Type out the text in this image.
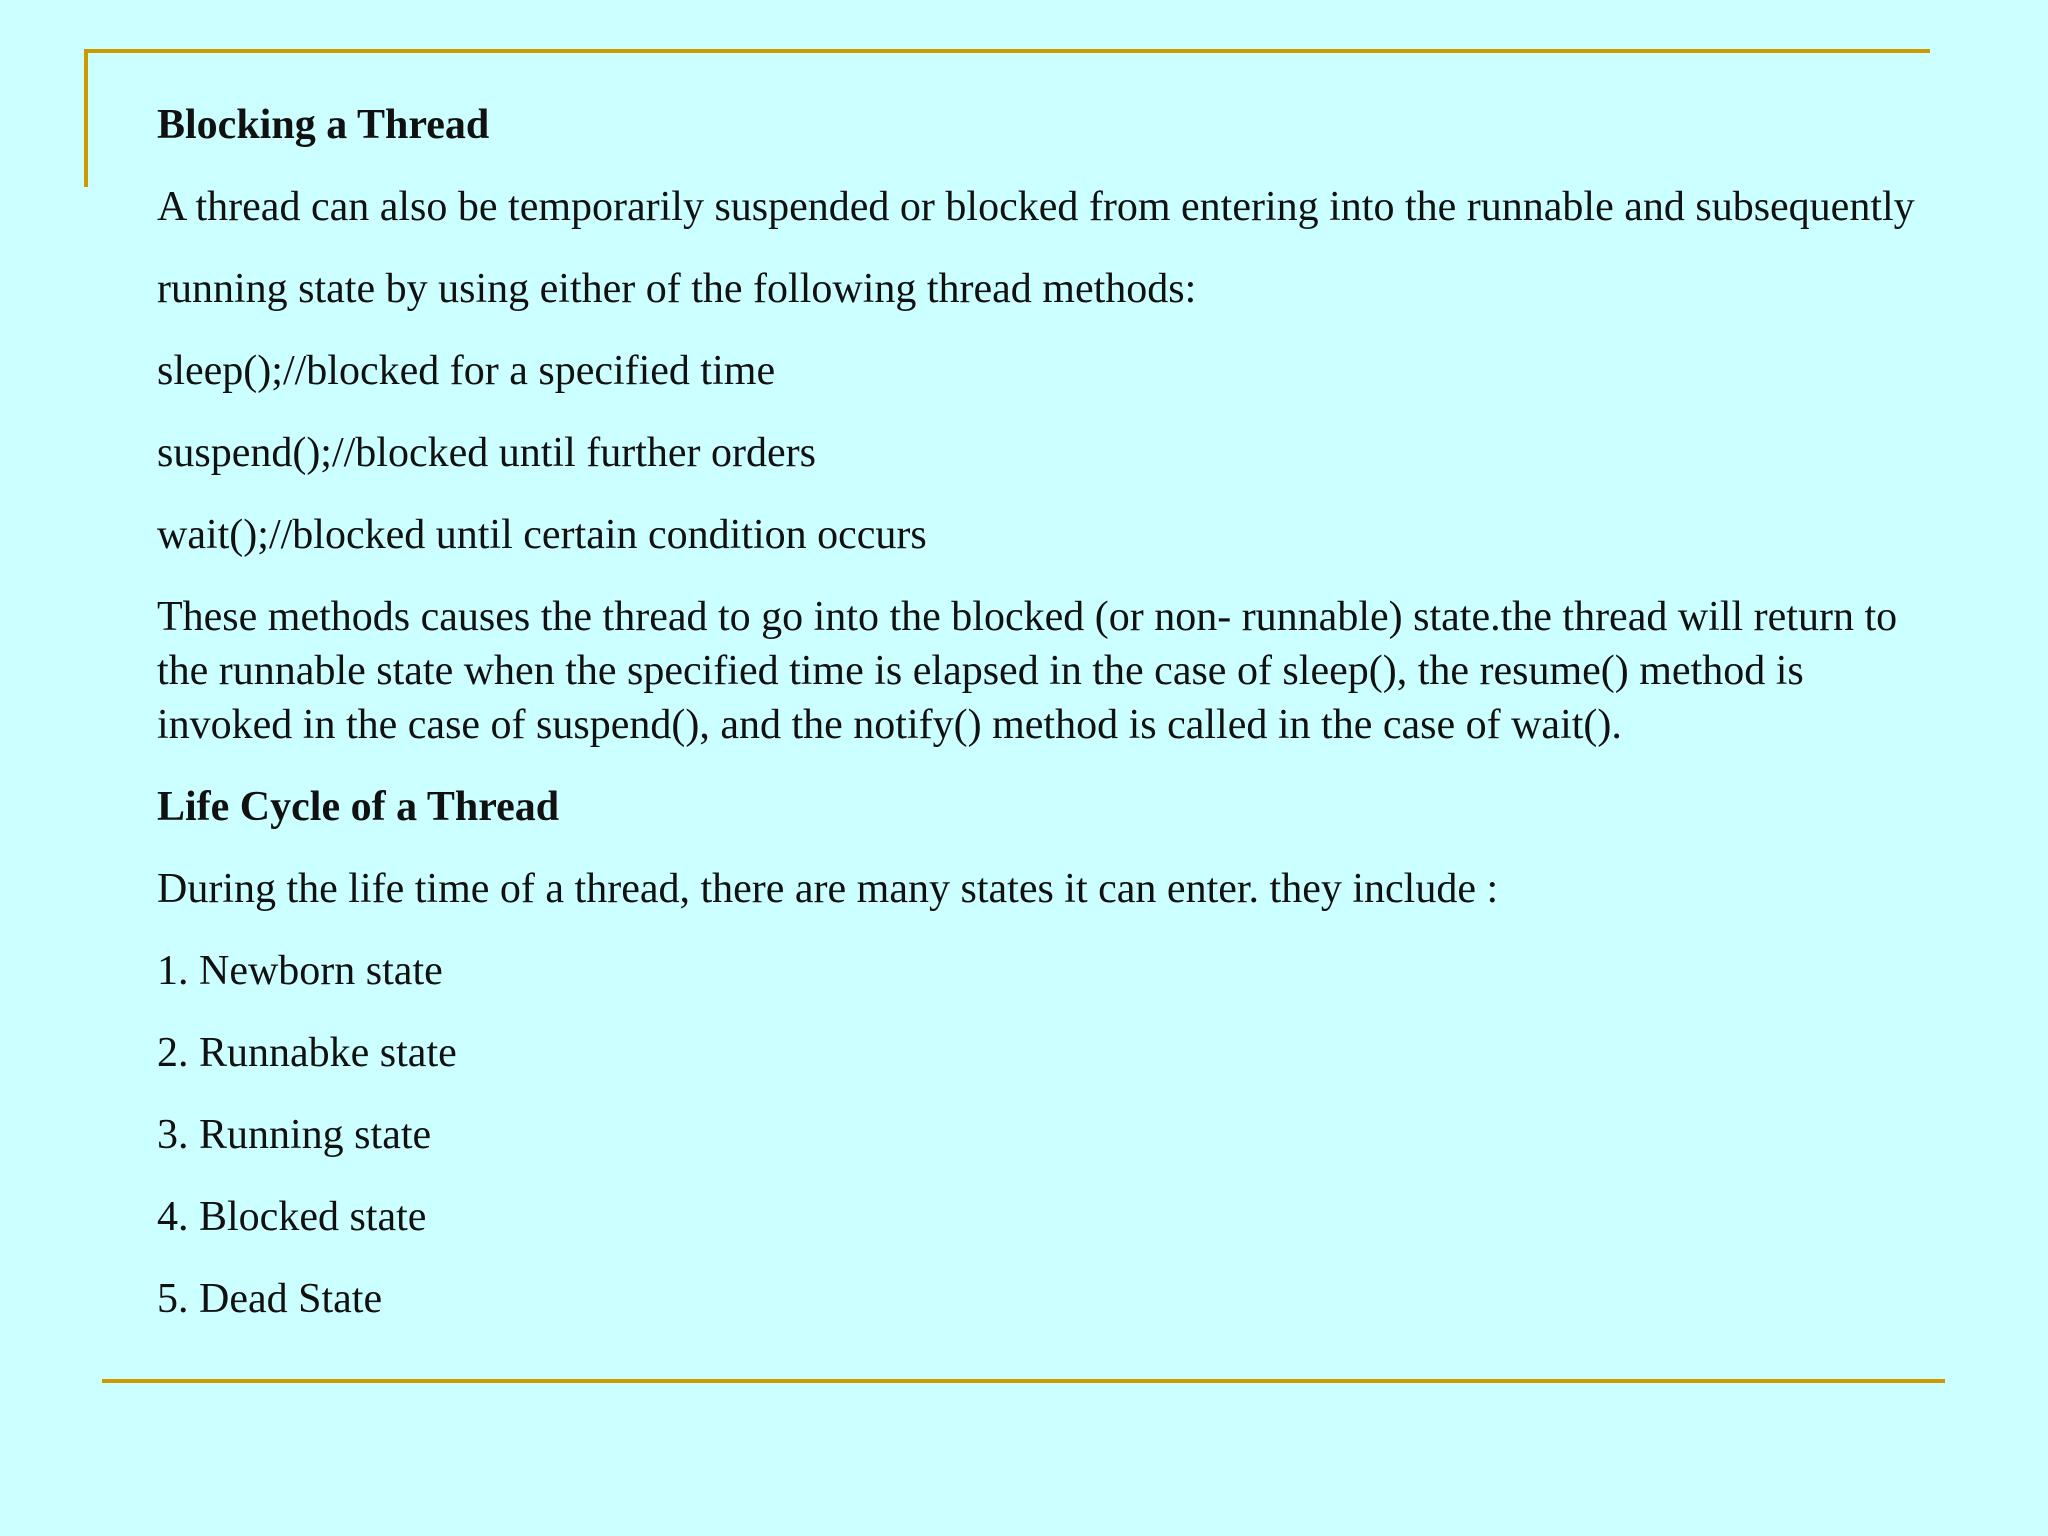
Blocking a Thread

A thread can also be temporarily suspended or blocked from entering into the runnable and subsequently

running state by using either of the following thread methods:

sleep();//blocked for a specified time

suspend();//blocked until further orders

wait();//blocked until certain condition occurs

These methods causes the thread to go into the blocked (or non- runnable) state.the thread will return to the runnable state when the specified time is elapsed in the case of sleep(), the resume() method is invoked in the case of suspend(), and the notify() method is called in the case of wait().

Life Cycle of a Thread

During the life time of a thread, there are many states it can enter. they include :

1. Newborn state

2. Runnabke state

3. Running state

4. Blocked state

5. Dead State
